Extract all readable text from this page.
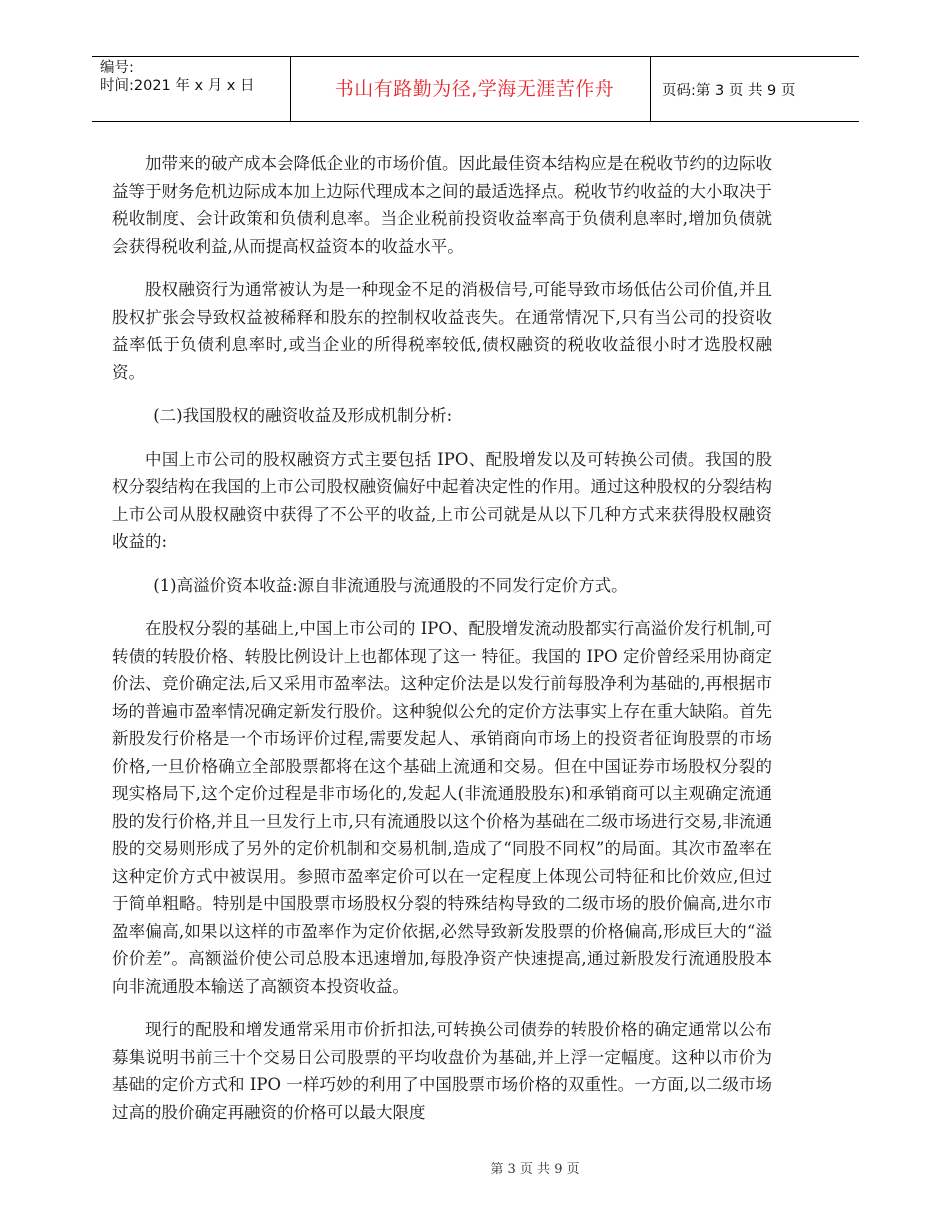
编号:
时间:2021 年 x 月 x 日	书山有路勤为径,学海无涯苦作舟	页码:第 3 页 共 9 页

加带来的破产成本会降低企业的市场价值。因此最佳资本结构应是在税收节约的边际收益等于财务危机边际成本加上边际代理成本之间的最适选择点。税收节约收益的大小取决于税收制度、会计政策和负债利息率。当企业税前投资收益率高于负债利息率时,增加负债就会获得税收利益,从而提高权益资本的收益水平。

股权融资行为通常被认为是一种现金不足的消极信号,可能导致市场低估公司价值,并且股权扩张会导致权益被稀释和股东的控制权收益丧失。在通常情况下,只有当公司的投资收益率低于负债利息率时,或当企业的所得税率较低,债权融资的税收收益很小时才选股权融资。

(二)我国股权的融资收益及形成机制分析:

中国上市公司的股权融资方式主要包括 IPO、配股增发以及可转换公司债。我国的股权分裂结构在我国的上市公司股权融资偏好中起着决定性的作用。通过这种股权的分裂结构上市公司从股权融资中获得了不公平的收益,上市公司就是从以下几种方式来获得股权融资收益的:

(1)高溢价资本收益:源自非流通股与流通股的不同发行定价方式。

在股权分裂的基础上,中国上市公司的 IPO、配股增发流动股都实行高溢价发行机制,可转债的转股价格、转股比例设计上也都体现了这一 特征。我国的 IPO 定价曾经采用协商定价法、竞价确定法,后又采用市盈率法。这种定价法是以发行前每股净利为基础的,再根据市场的普遍市盈率情况确定新发行股价。这种貌似公允的定价方法事实上存在重大缺陷。首先新股发行价格是一个市场评价过程,需要发起人、承销商向市场上的投资者征询股票的市场价格,一旦价格确立全部股票都将在这个基础上流通和交易。但在中国证券市场股权分裂的现实格局下,这个定价过程是非市场化的,发起人(非流通股股东)和承销商可以主观确定流通股的发行价格,并且一旦发行上市,只有流通股以这个价格为基础在二级市场进行交易,非流通股的交易则形成了另外的定价机制和交易机制,造成了“同股不同权”的局面。其次市盈率在这种定价方式中被误用。参照市盈率定价可以在一定程度上体现公司特征和比价效应,但过于简单粗略。特别是中国股票市场股权分裂的特殊结构导致的二级市场的股价偏高,进尔市盈率偏高,如果以这样的市盈率作为定价依据,必然导致新发股票的价格偏高,形成巨大的“溢价价差”。高额溢价使公司总股本迅速增加,每股净资产快速提高,通过新股发行流通股股本向非流通股本输送了高额资本投资收益。

现行的配股和增发通常采用市价折扣法,可转换公司债券的转股价格的确定通常以公布募集说明书前三十个交易日公司股票的平均收盘价为基础,并上浮一定幅度。这种以市价为基础的定价方式和 IPO 一样巧妙的利用了中国股票市场价格的双重性。一方面,以二级市场过高的股价确定再融资的价格可以最大限度

第 3 页 共 9 页
